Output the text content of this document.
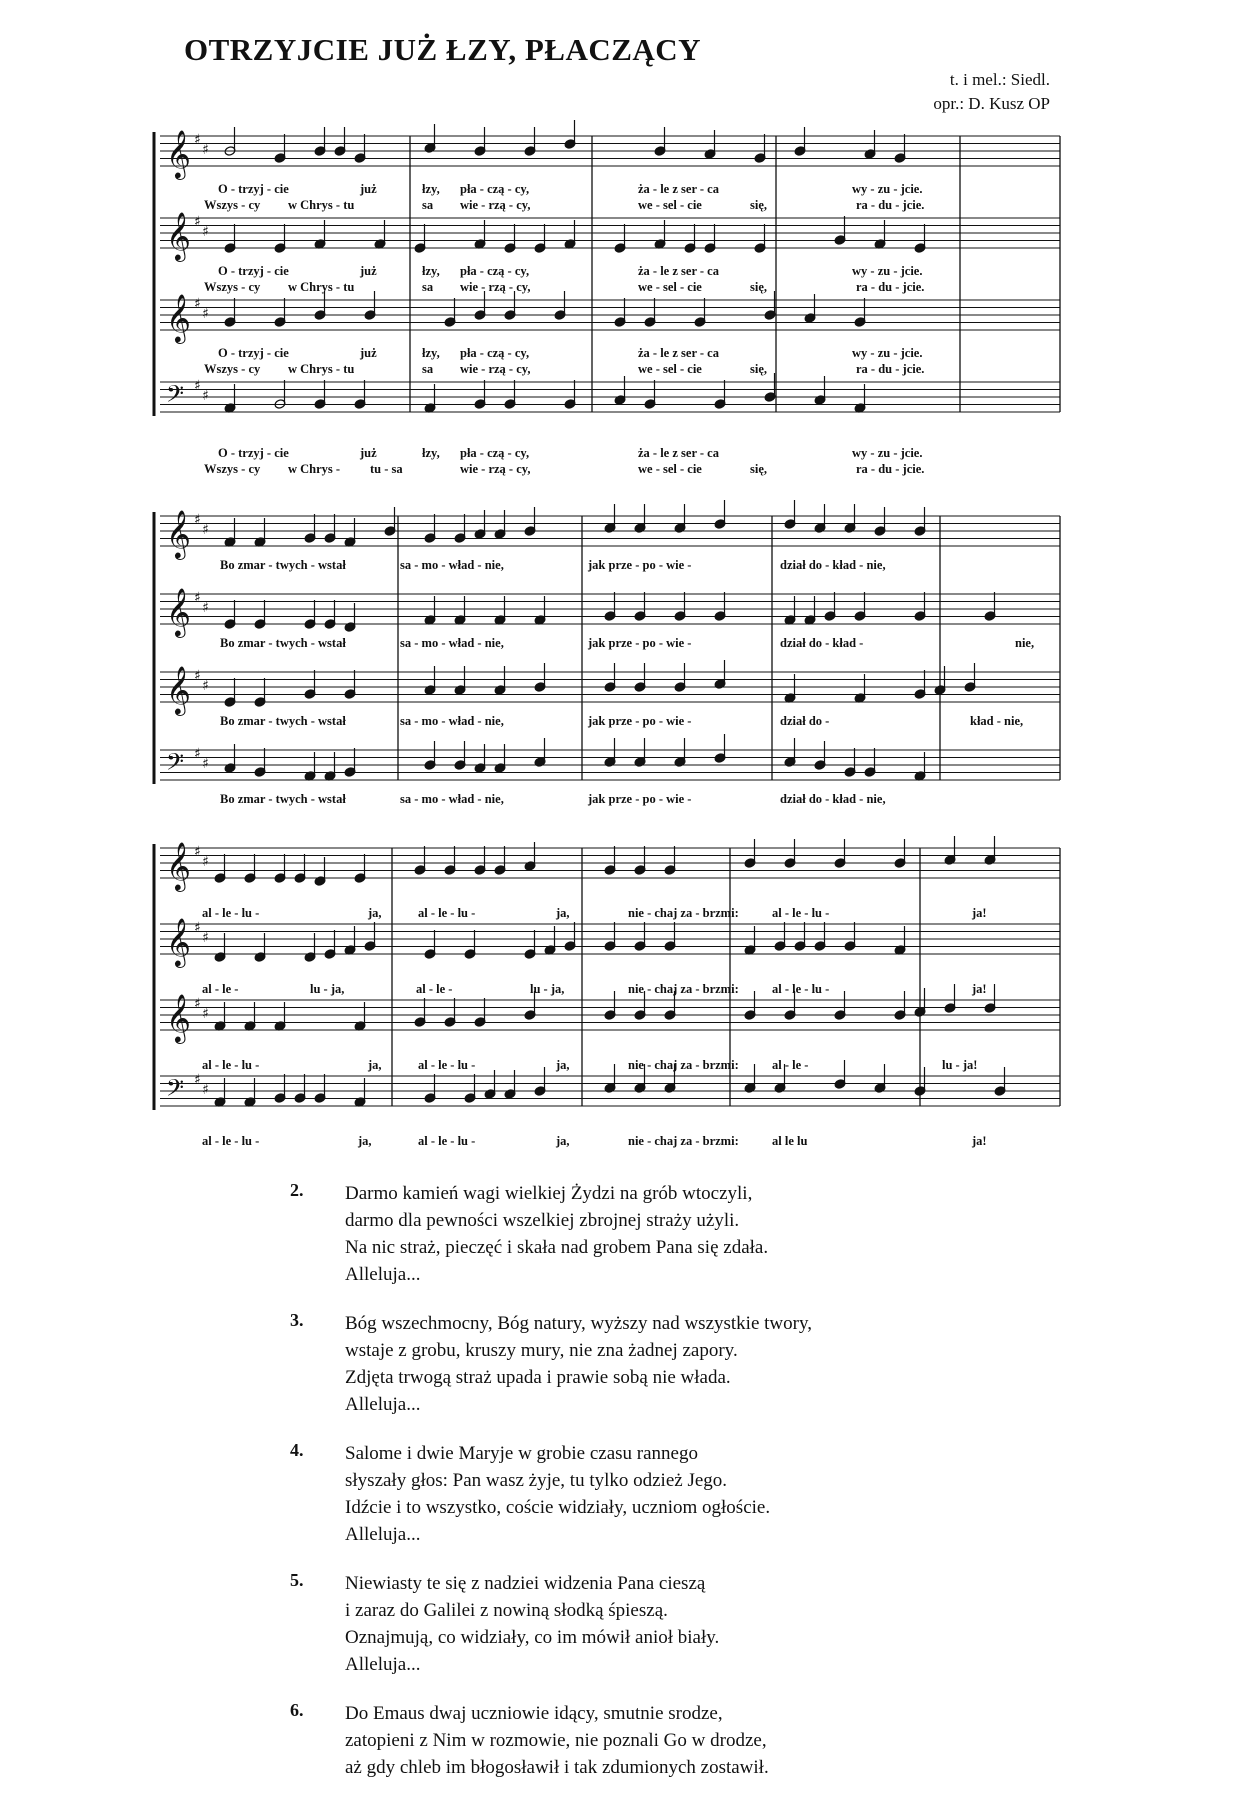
OTRZYJCIE JUŻ ŁZY, PŁACZĄCY
t. i mel.: Siedl.
opr.: D. Kusz OP
𝄞 ♯
♯
𝄞 ♯
♯
𝄞 ♯
♯
𝄢 ♯
♯
O - trzyj - cie	już	łzy, pła - czą - cy,	ża - le z ser - ca	wy - zu - jcie.
Wszys - cy w Chrys - tu	sa wie - rzą - cy,	we - sel - cie	się,	ra - du - jcie.
O - trzyj - cie	już	łzy, pła - czą - cy,	ża - le z ser - ca	wy - zu - jcie.
Wszys - cy w Chrys - tu	sa wie - rzą - cy,	we - sel - cie	się,	ra - du - jcie.
O - trzyj - cie	już	łzy, pła - czą - cy,	ża - le z ser - ca	wy - zu - jcie.
Wszys - cy w Chrys - tu	sa wie - rzą - cy,	we - sel - cie	się,	ra - du - jcie.
O - trzyj - cie	już	łzy, pła - czą - cy,	ża - le z ser - ca	wy - zu - jcie.
Wszys - cy w Chrys - tu - sa	wie - rzą - cy,	we - sel - cie	się,	ra - du - jcie.
𝄞 ♯
♯
𝄞 ♯
♯
𝄞 ♯
♯
𝄢 ♯
♯
Bo zmar - twych - wstał	sa - mo - wład - nie,	jak prze - po - wie -	dział do - kład - nie,
Bo zmar - twych - wstał	sa - mo - wład - nie,	jak prze - po - wie -	dział do - kład -	nie,
Bo zmar - twych - wstał	sa - mo - wład - nie,	jak prze - po - wie -	dział do -	kład - nie,
Bo zmar - twych - wstał	sa - mo - wład - nie,	jak prze - po - wie -	dział do - kład - nie,
𝄞 ♯
♯
𝄞 ♯
♯
𝄞 ♯
♯
𝄢 ♯
♯
al - le - lu -	ja,	al - le - lu -	ja,	nie - chaj za - brzmi:	al - le - lu -	ja!
al - le -	lu - ja,	al - le -	lu - ja,	nie - chaj za - brzmi:	al - le - lu -	ja!
al - le - lu -	ja,	al - le - lu -	ja,	nie - chaj za - brzmi:	al - le -	lu - ja!
al - le - lu -	ja,	al - le - lu -	ja,	nie - chaj za - brzmi:	al le lu	ja!
2. Darmo kamień wagi wielkiej Żydzi na grób wtoczyli,
darmo dla pewności wszelkiej zbrojnej straży użyli.
Na nic straż, pieczęć i skała nad grobem Pana się zdała.
Alleluja...
3. Bóg wszechmocny, Bóg natury, wyższy nad wszystkie twory,
wstaje z grobu, kruszy mury, nie zna żadnej zapory.
Zdjęta trwogą straż upada i prawie sobą nie włada.
Alleluja...
4. Salome i dwie Maryje w grobie czasu rannego
słyszały głos: Pan wasz żyje, tu tylko odzież Jego.
Idźcie i to wszystko, coście widziały, uczniom ogłoście.
Alleluja...
5. Niewiasty te się z nadziei widzenia Pana cieszą
i zaraz do Galilei z nowiną słodką śpieszą.
Oznajmują, co widziały, co im mówił anioł biały.
Alleluja...
6. Do Emaus dwaj uczniowie idący, smutnie srodze,
zatopieni z Nim w rozmowie, nie poznali Go w drodze,
aż gdy chleb im błogosławił i tak zdumionych zostawił.
